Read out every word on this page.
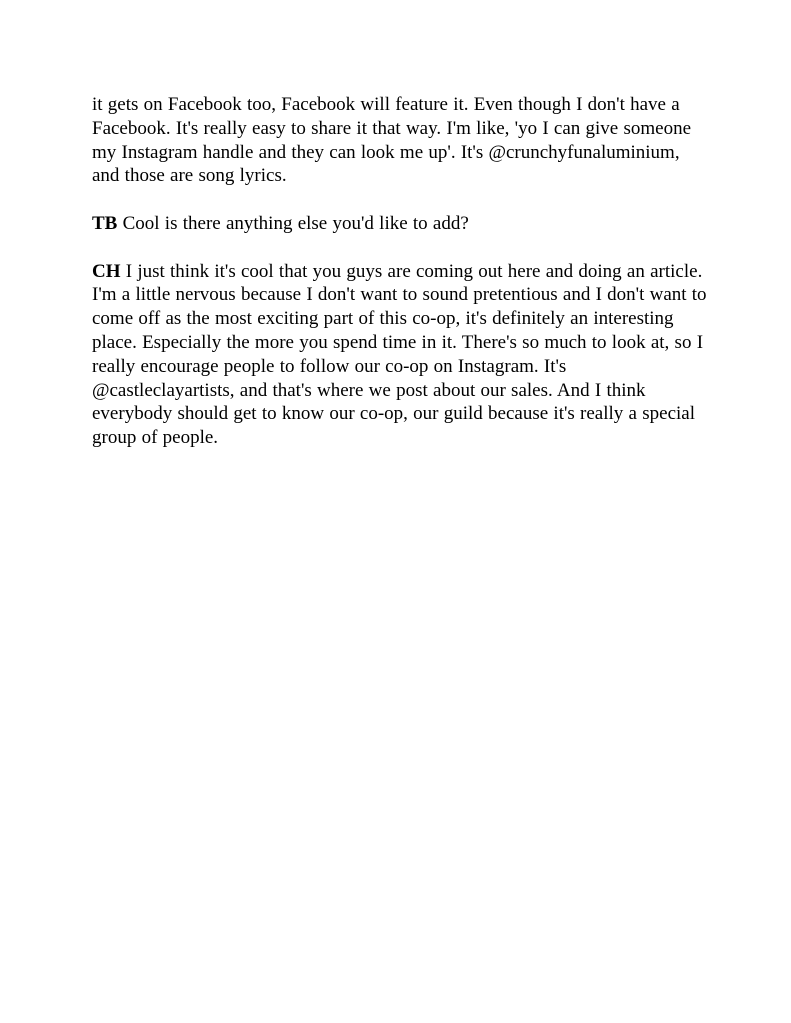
it gets on Facebook too, Facebook will feature it. Even though I don't have a Facebook. It's really easy to share it that way. I'm like, 'yo I can give someone my Instagram handle and they can look me up'. It's @crunchyfunaluminium, and those are song lyrics.

TB Cool is there anything else you'd like to add?

CH I just think it's cool that you guys are coming out here and doing an article. I'm a little nervous because I don't want to sound pretentious and I don't want to come off as the most exciting part of this co-op, it's definitely an interesting place. Especially the more you spend time in it. There's so much to look at, so I really encourage people to follow our co-op on Instagram. It's @castleclayartists, and that's where we post about our sales. And I think everybody should get to know our co-op, our guild because it's really a special group of people.
